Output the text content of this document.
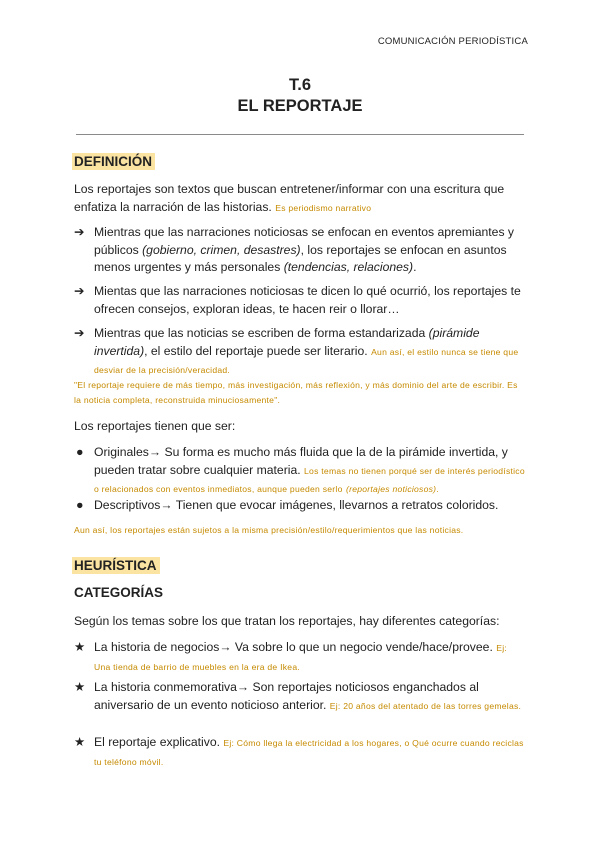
COMUNICACIÓN PERIODÍSTICA
T.6
EL REPORTAJE
DEFINICIÓN
Los reportajes son textos que buscan entretener/informar con una escritura que enfatiza la narración de las historias. Es periodismo narrativo
➔ Mientras que las narraciones noticiosas se enfocan en eventos apremiantes y públicos (gobierno, crimen, desastres), los reportajes se enfocan en asuntos menos urgentes y más personales (tendencias, relaciones).
➔ Mientas que las narraciones noticiosas te dicen lo qué ocurrió, los reportajes te ofrecen consejos, exploran ideas, te hacen reir o llorar…
➔ Mientras que las noticias se escriben de forma estandarizada (pirámide invertida), el estilo del reportaje puede ser literario. Aun así, el estilo nunca se tiene que desviar de la precisión/veracidad.
"El reportaje requiere de más tiempo, más investigación, más reflexión, y más dominio del arte de escribir. Es la noticia completa, reconstruida minuciosamente".
Los reportajes tienen que ser:
● Originales→ Su forma es mucho más fluida que la de la pirámide invertida, y pueden tratar sobre cualquier materia. Los temas no tienen porqué ser de interés periodístico o relacionados con eventos inmediatos, aunque pueden serlo (reportajes noticiosos).
● Descriptivos→ Tienen que evocar imágenes, llevarnos a retratos coloridos.
Aun así, los reportajes están sujetos a la misma precisión/estilo/requerimientos que las noticias.
HEURÍSTICA
CATEGORÍAS
Según los temas sobre los que tratan los reportajes, hay diferentes categorías:
★ La historia de negocios→ Va sobre lo que un negocio vende/hace/provee. Ej: Una tienda de barrio de muebles en la era de Ikea.
★ La historia conmemorativa→ Son reportajes noticiosos enganchados al aniversario de un evento noticioso anterior. Ej: 20 años del atentado de las torres gemelas.
★ El reportaje explicativo. Ej: Cómo llega la electricidad a los hogares, o Qué ocurre cuando reciclas tu teléfono móvil.
